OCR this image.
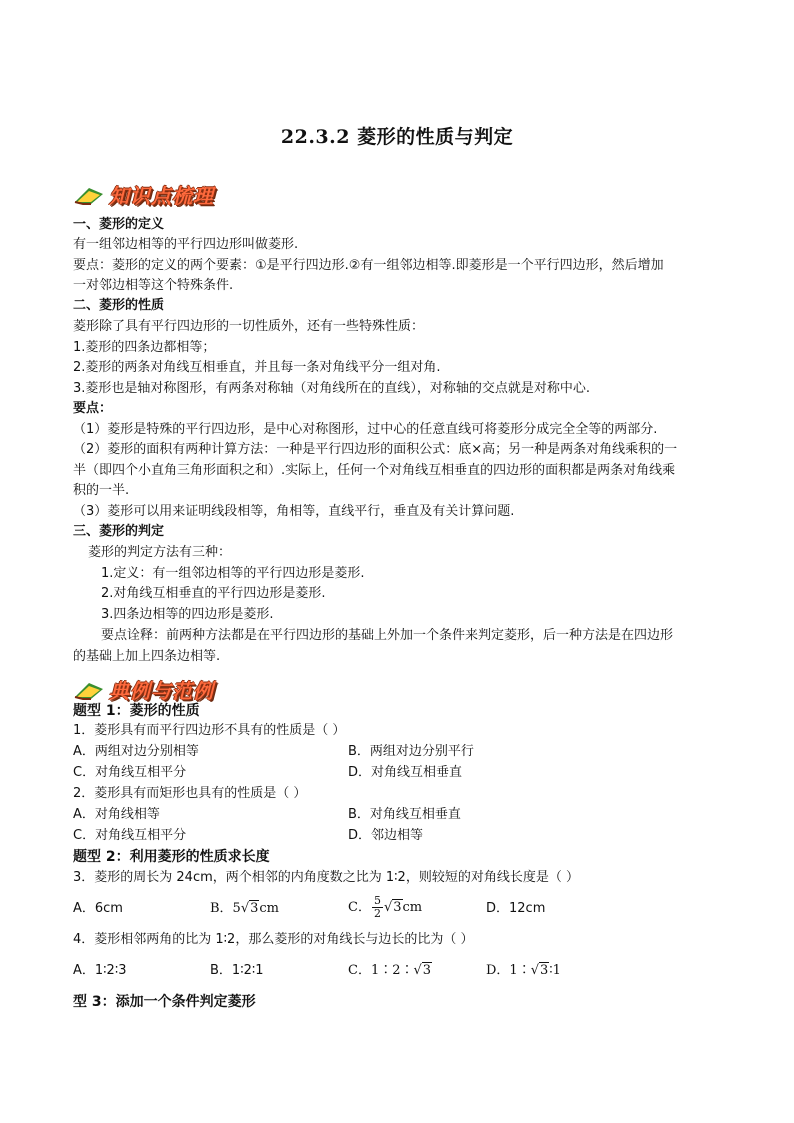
22.3.2 菱形的性质与判定
知识点梳理
一、菱形的定义
有一组邻边相等的平行四边形叫做菱形.
要点：菱形的定义的两个要素：①是平行四边形.②有一组邻边相等.即菱形是一个平行四边形，然后增加
一对邻边相等这个特殊条件.
二、菱形的性质
菱形除了具有平行四边形的一切性质外，还有一些特殊性质：
1.菱形的四条边都相等；
2.菱形的两条对角线互相垂直，并且每一条对角线平分一组对角.
3.菱形也是轴对称图形，有两条对称轴（对角线所在的直线），对称轴的交点就是对称中心.
要点：
（1）菱形是特殊的平行四边形，是中心对称图形，过中心的任意直线可将菱形分成完全全等的两部分.
（2）菱形的面积有两种计算方法：一种是平行四边形的面积公式：底×高；另一种是两条对角线乘积的一
半（即四个小直角三角形面积之和）.实际上，任何一个对角线互相垂直的四边形的面积都是两条对角线乘
积的一半.
（3）菱形可以用来证明线段相等，角相等，直线平行，垂直及有关计算问题.
三、菱形的判定
菱形的判定方法有三种：
1.定义：有一组邻边相等的平行四边形是菱形.
2.对角线互相垂直的平行四边形是菱形.
3.四条边相等的四边形是菱形.
要点诠释：前两种方法都是在平行四边形的基础上外加一个条件来判定菱形，后一种方法是在四边形
的基础上加上四条边相等.
典例与范例
题型 1：菱形的性质
1．菱形具有而平行四边形不具有的性质是（ ）
A．两组对边分别相等	B．两组对边分别平行
C．对角线互相平分	D．对角线互相垂直
2．菱形具有而矩形也具有的性质是（ ）
A．对角线相等	B．对角线互相垂直
C．对角线互相平分	D．邻边相等
题型 2：利用菱形的性质求长度
3．菱形的周长为 24cm，两个相邻的内角度数之比为 1∶2，则较短的对角线长度是（ ）
A．6cm	B．5√3cm	C． $\frac{5}{2} √3cm$	D．12cm
4．菱形相邻两角的比为 1∶2，那么菱形的对角线长与边长的比为（ ）
A．1∶2∶3	B．1∶2∶1	C．1∶2∶√3	D．1∶√3∶1
型 3：添加一个条件判定菱形
